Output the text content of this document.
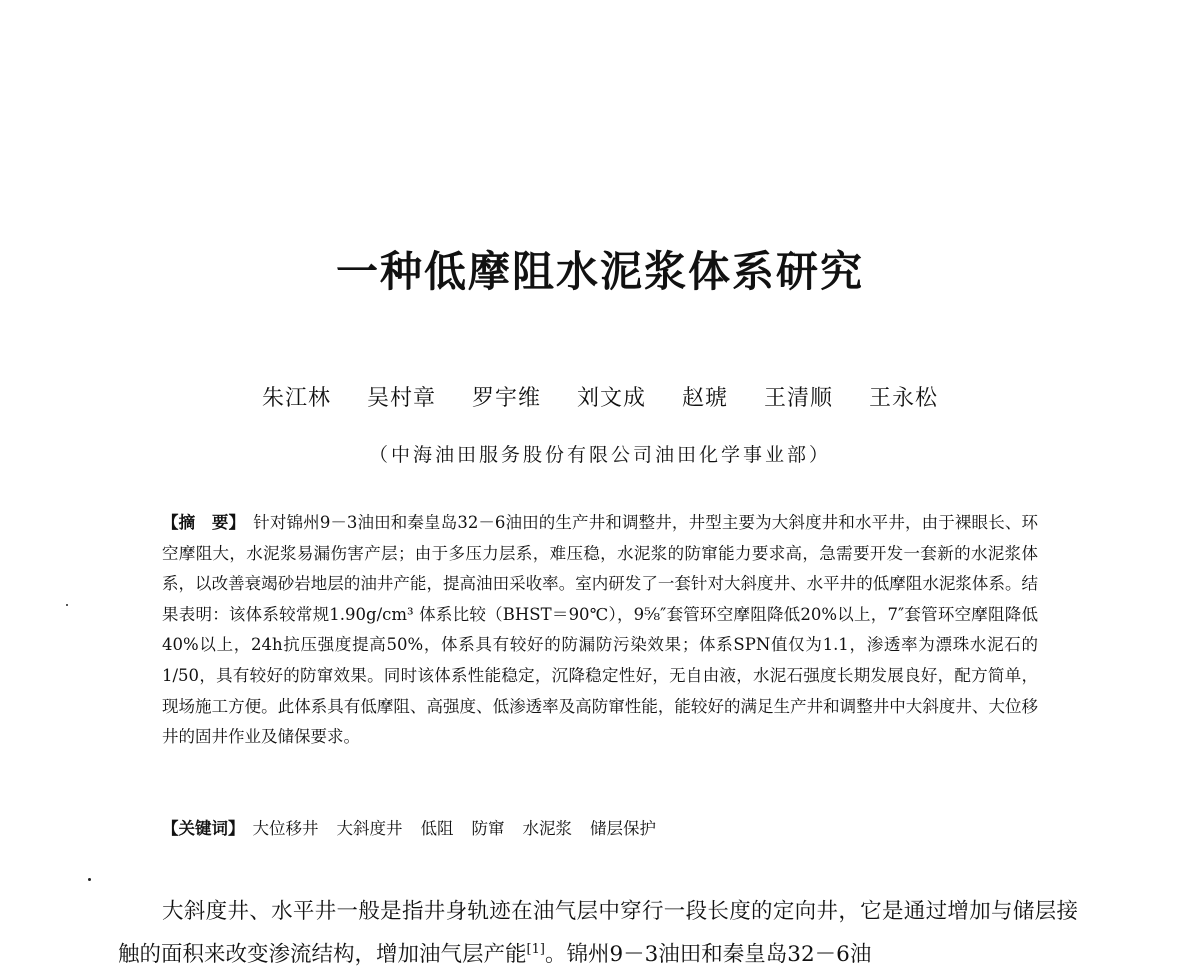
一种低摩阻水泥浆体系研究
朱江林 吴村章 罗宇维 刘文成 赵琥 王清顺 王永松
（中海油田服务股份有限公司油田化学事业部）

【摘　要】 针对锦州9－3油田和秦皇岛32－6油田的生产井和调整井，井型主要为大斜度井和水平井，由于裸眼长、环空摩阻大，水泥浆易漏伤害产层；由于多压力层系，难压稳，水泥浆的防窜能力要求高，急需要开发一套新的水泥浆体系，以改善衰竭砂岩地层的油井产能，提高油田采收率。室内研发了一套针对大斜度井、水平井的低摩阻水泥浆体系。结果表明：该体系较常规1.90g/cm³ 体系比较（BHST＝90℃），9⅝″套管环空摩阻降低20%以上，7″套管环空摩阻降低40%以上，24h抗压强度提高50%，体系具有较好的防漏防污染效果；体系SPN值仅为1.1，渗透率为漂珠水泥石的1/50，具有较好的防窜效果。同时该体系性能稳定，沉降稳定性好，无自由液，水泥石强度长期发展良好，配方简单，现场施工方便。此体系具有低摩阻、高强度、低渗透率及高防窜性能，能较好的满足生产井和调整井中大斜度井、大位移井的固井作业及储保要求。

【关键词】 大位移井 大斜度井 低阻 防窜 水泥浆 储层保护

大斜度井、水平井一般是指井身轨迹在油气层中穿行一段长度的定向井，它是通过增加与储层接触的面积来改变渗流结构，增加油气层产能[1]。锦州9－3油田和秦皇岛32－6油
